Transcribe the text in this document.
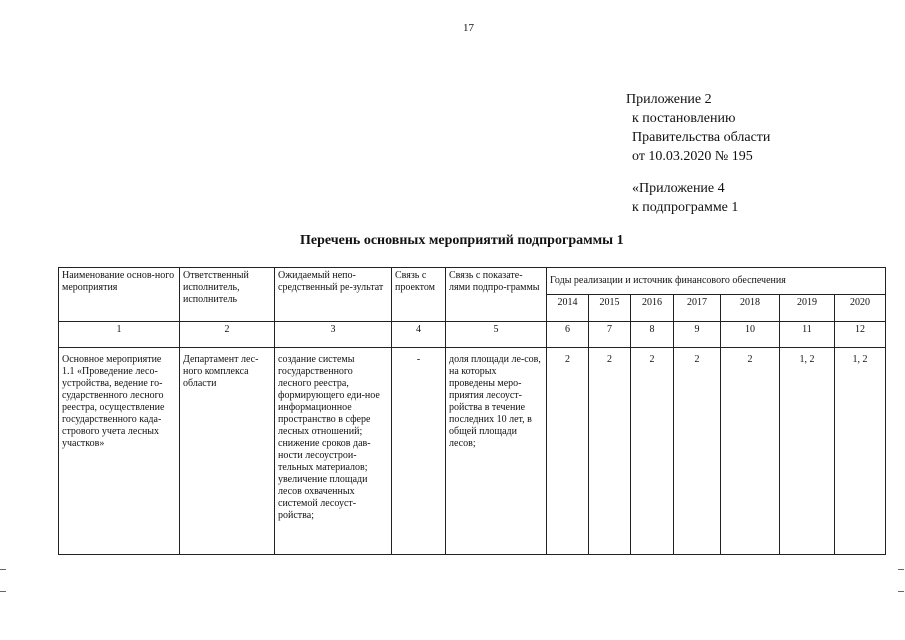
17
Приложение 2
к постановлению
Правительства области
от 10.03.2020 № 195
«Приложение 4
к подпрограмме 1
Перечень основных мероприятий подпрограммы 1
Наименование основ-ного мероприятия	Ответственный исполнитель, исполнитель	Ожидаемый непо-средственный ре-зультат	Связь с проектом	Связь с показате-лями подпро-граммы	Годы реализации и источник финансового обеспечения						
					2014	2015	2016	2017	2018	2019	2020
1	2	3	4	5	6	7	8	9	10	11	12
Основное мероприятие 1.1 «Проведение лесо-устройства, ведение го-сударственного лесного реестра, осуществление государственного када-стрового учета лесных участков»	Департамент лес-ного комплекса области	создание системы государственного лесного реестра, формирующего еди-ное информационное пространство в сфере лесных отношений; снижение сроков дав-ности лесоустрои-тельных материалов; увеличение площади лесов охваченных системой лесоуст-ройства;	-	доля площади ле-сов, на которых проведены меро-приятия лесоуст-ройства в течение последних 10 лет, в общей площади лесов;	2	2	2	2	2	1, 2	1, 2
